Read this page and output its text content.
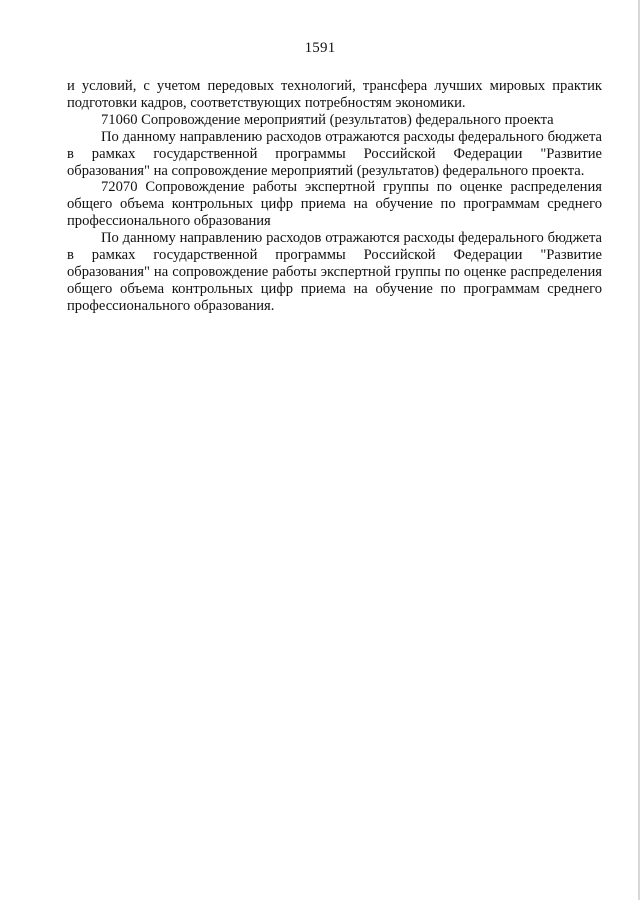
1591

и условий, с учетом передовых технологий, трансфера лучших мировых практик подготовки кадров, соответствующих потребностям экономики.

71060 Сопровождение мероприятий (результатов) федерального проекта

По данному направлению расходов отражаются расходы федерального бюджета в рамках государственной программы Российской Федерации "Развитие образования" на сопровождение мероприятий (результатов) федерального проекта.

72070 Сопровождение работы экспертной группы по оценке распределения общего объема контрольных цифр приема на обучение по программам среднего профессионального образования

По данному направлению расходов отражаются расходы федерального бюджета в рамках государственной программы Российской Федерации "Развитие образования" на сопровождение работы экспертной группы по оценке распределения общего объема контрольных цифр приема на обучение по программам среднего профессионального образования.
